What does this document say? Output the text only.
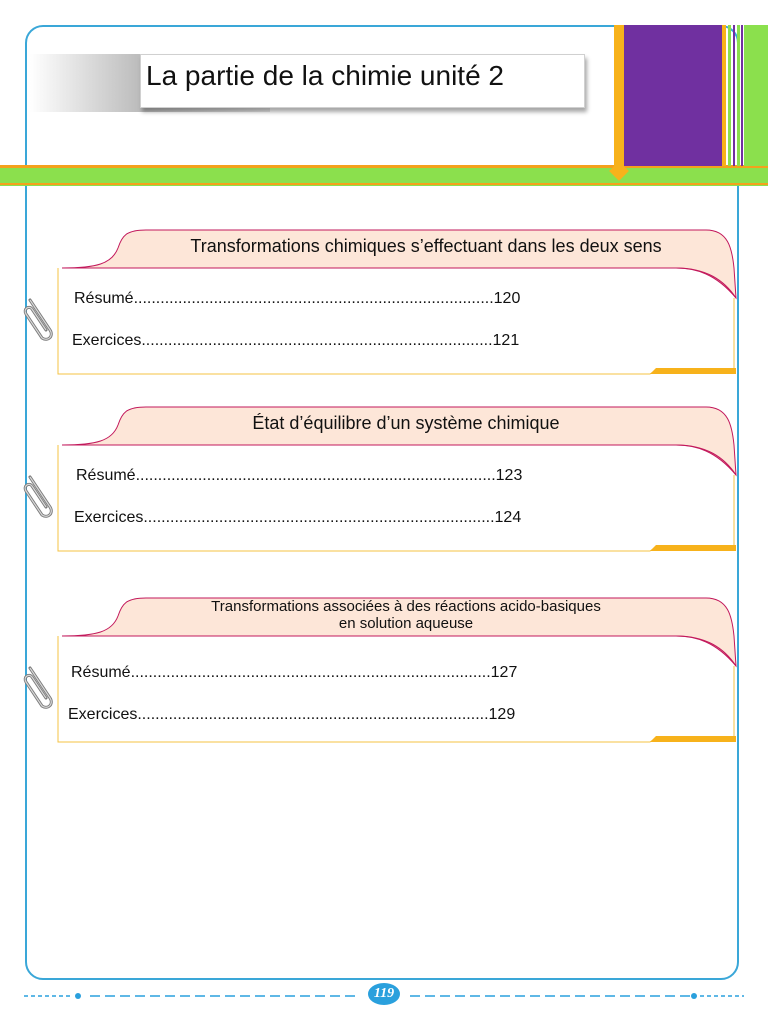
La partie de la chimie unité 2
Transformations chimiques s’effectuant dans les deux sens
Résumé.................................................................................120
Exercices...............................................................................121
État d’équilibre d’un système chimique
Résumé.................................................................................123
Exercices...............................................................................124
Transformations associées à des réactions acido-basiques
en solution aqueuse
Résumé.................................................................................127
Exercices...............................................................................129
119
